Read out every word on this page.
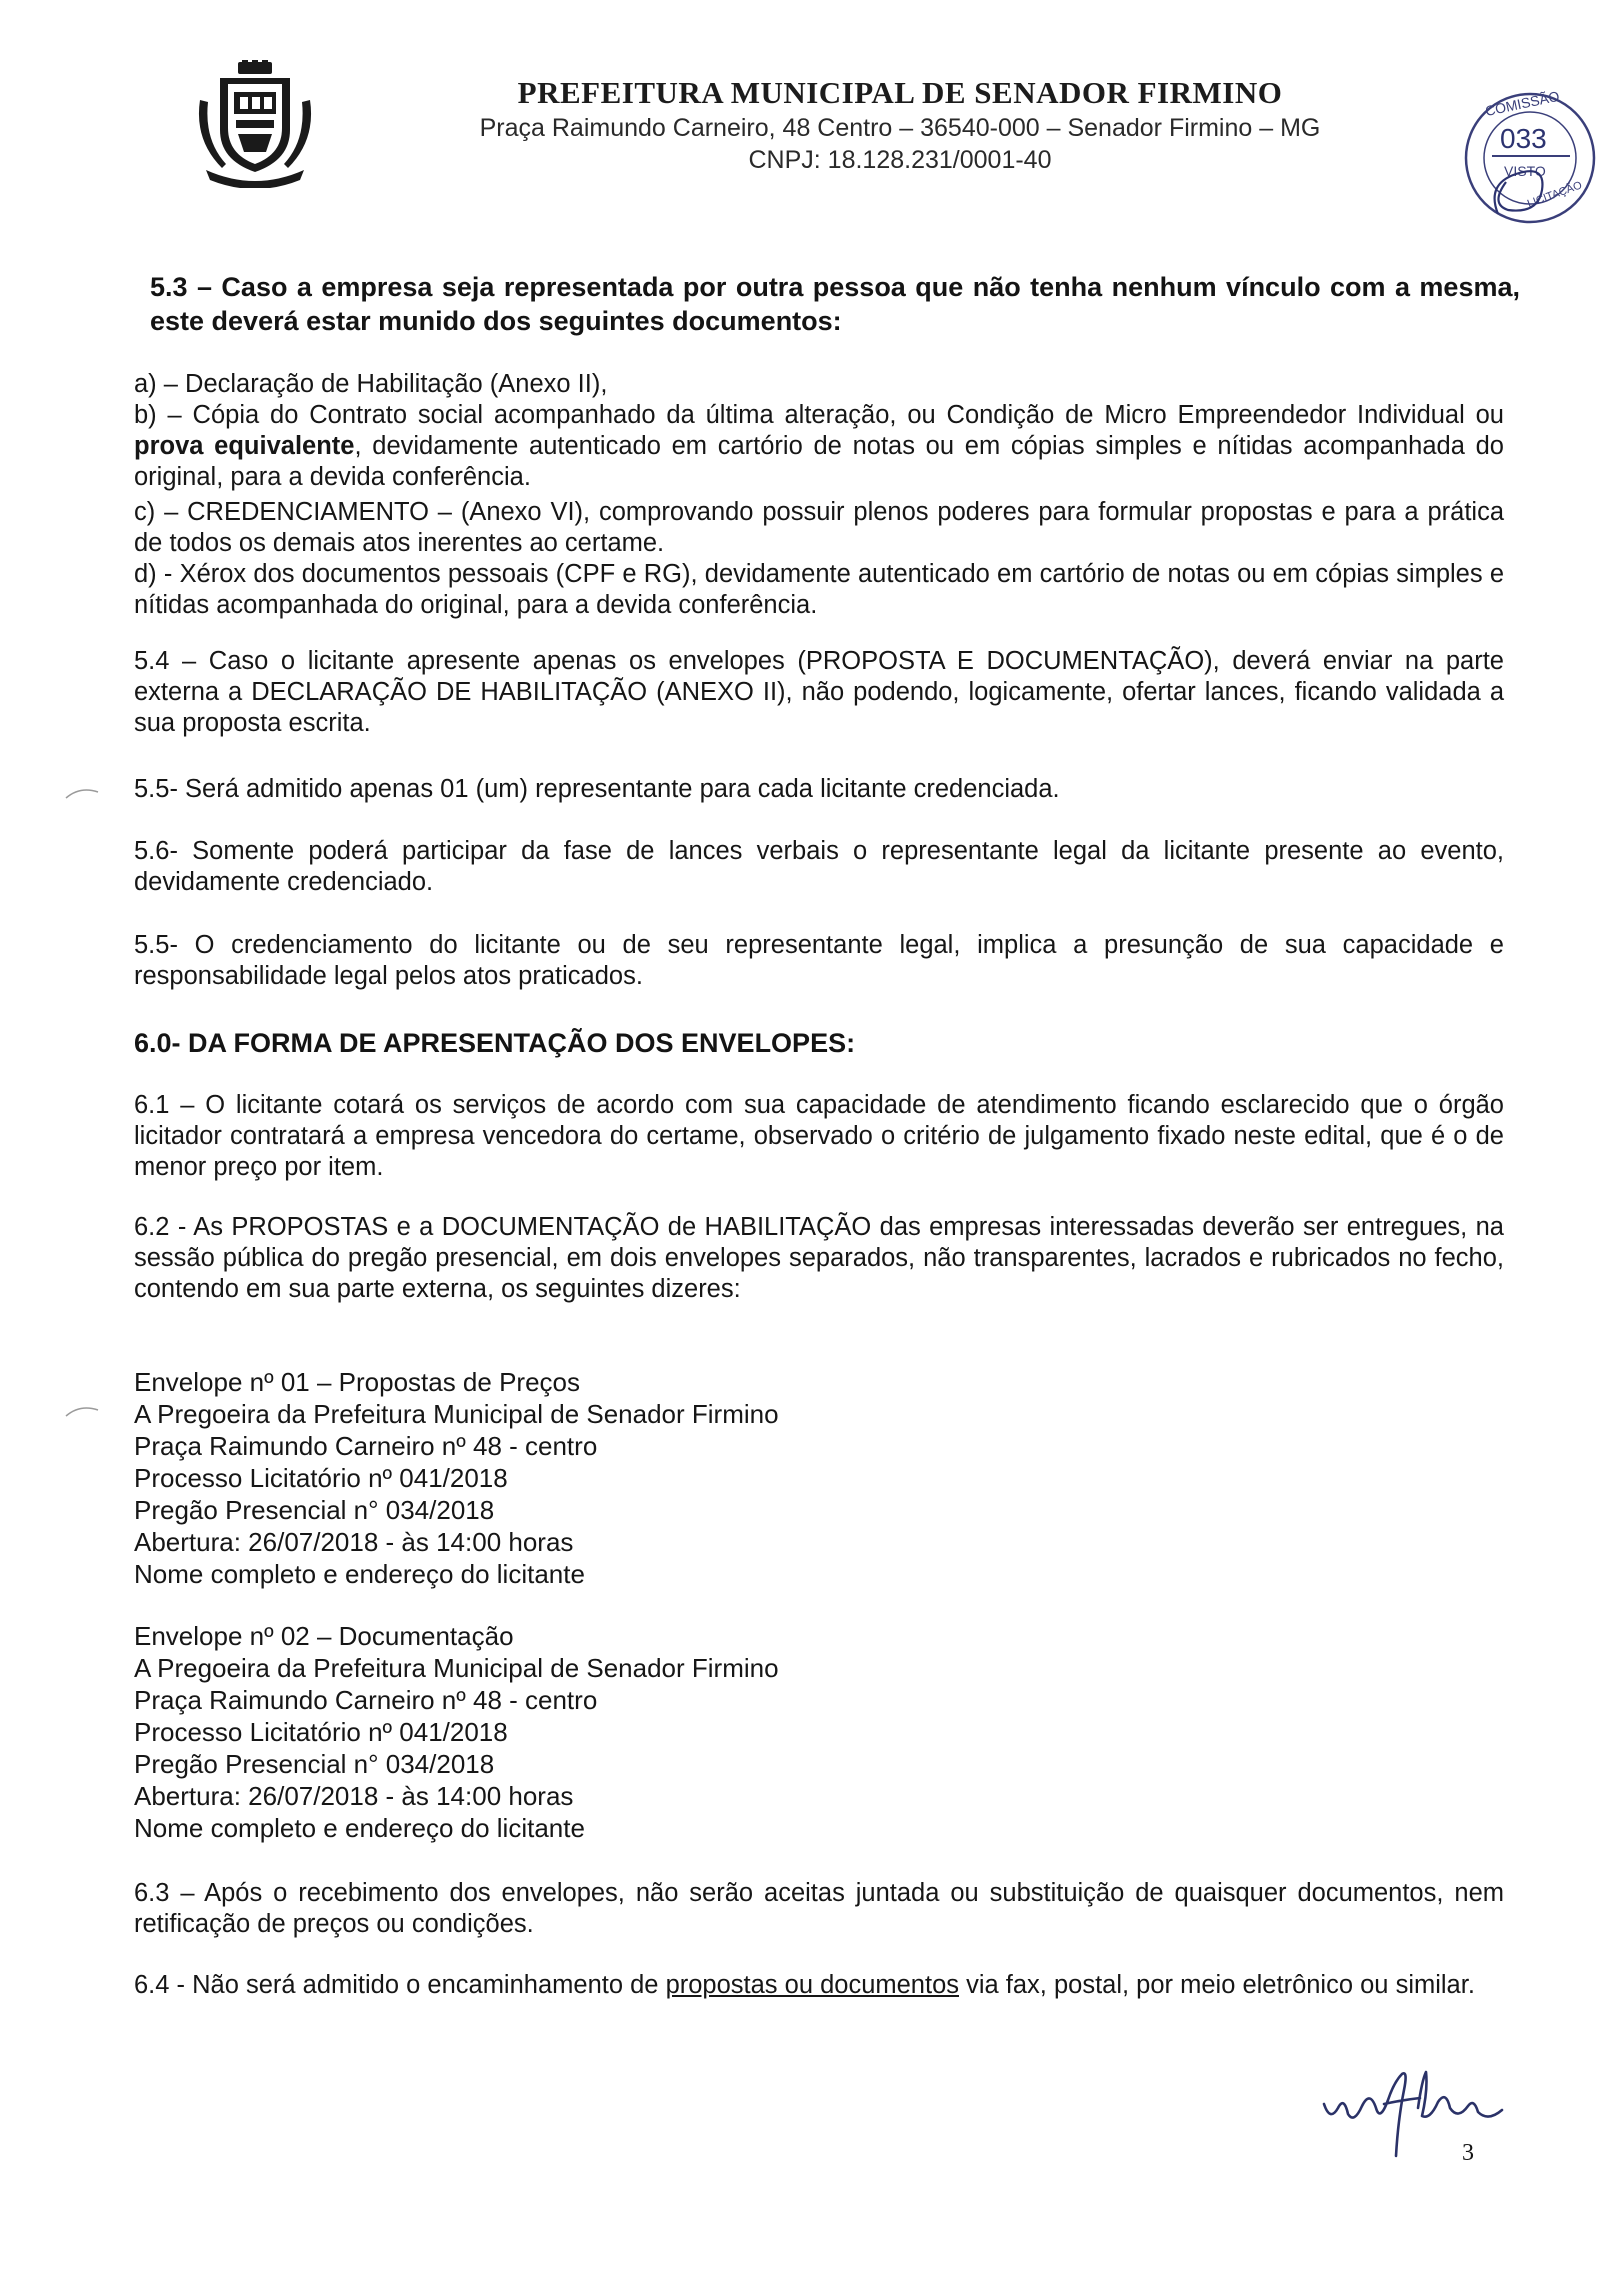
PREFEITURA MUNICIPAL DE SENADOR FIRMINO
Praça Raimundo Carneiro, 48 Centro – 36540-000 – Senador Firmino – MG
CNPJ: 18.128.231/0001-40
COMISSÃO
033
VISTO
LICITAÇÃO

5.3 – Caso a empresa seja representada por outra pessoa que não tenha nenhum vínculo com a mesma, este deverá estar munido dos seguintes documentos:

a) – Declaração de Habilitação (Anexo II),

b) – Cópia do Contrato social acompanhado da última alteração, ou Condição de Micro Empreendedor Individual ou prova equivalente, devidamente autenticado em cartório de notas ou em cópias simples e nítidas acompanhada do original, para a devida conferência.

c) – CREDENCIAMENTO – (Anexo VI), comprovando possuir plenos poderes para formular propostas e para a prática de todos os demais atos inerentes ao certame.

d) - Xérox dos documentos pessoais (CPF e RG), devidamente autenticado em cartório de notas ou em cópias simples e nítidas acompanhada do original, para a devida conferência.

5.4 – Caso o licitante apresente apenas os envelopes (PROPOSTA E DOCUMENTAÇÃO), deverá enviar na parte externa a DECLARAÇÃO DE HABILITAÇÃO (ANEXO II), não podendo, logicamente, ofertar lances, ficando validada a sua proposta escrita.

5.5- Será admitido apenas 01 (um) representante para cada licitante credenciada.

5.6- Somente poderá participar da fase de lances verbais o representante legal da licitante presente ao evento, devidamente credenciado.

5.5- O credenciamento do licitante ou de seu representante legal, implica a presunção de sua capacidade e responsabilidade legal pelos atos praticados.

6.0- DA FORMA DE APRESENTAÇÃO DOS ENVELOPES:

6.1 – O licitante cotará os serviços de acordo com sua capacidade de atendimento ficando esclarecido que o órgão licitador contratará a empresa vencedora do certame, observado o critério de julgamento fixado neste edital, que é o de menor preço por item.

6.2 - As PROPOSTAS e a DOCUMENTAÇÃO de HABILITAÇÃO das empresas interessadas deverão ser entregues, na sessão pública do pregão presencial, em dois envelopes separados, não transparentes, lacrados e rubricados no fecho, contendo em sua parte externa, os seguintes dizeres:

Envelope nº 01 – Propostas de Preços
A Pregoeira da Prefeitura Municipal de Senador Firmino
Praça Raimundo Carneiro nº 48 - centro
Processo Licitatório nº 041/2018
Pregão Presencial n° 034/2018
Abertura: 26/07/2018 - às 14:00 horas
Nome completo e endereço do licitante
Envelope nº 02 – Documentação
A Pregoeira da Prefeitura Municipal de Senador Firmino
Praça Raimundo Carneiro nº 48 - centro
Processo Licitatório nº 041/2018
Pregão Presencial n° 034/2018
Abertura: 26/07/2018 - às 14:00 horas
Nome completo e endereço do licitante

6.3 – Após o recebimento dos envelopes, não serão aceitas juntada ou substituição de quaisquer documentos, nem retificação de preços ou condições.

6.4 - Não será admitido o encaminhamento de propostas ou documentos via fax, postal, por meio eletrônico ou similar.

3
